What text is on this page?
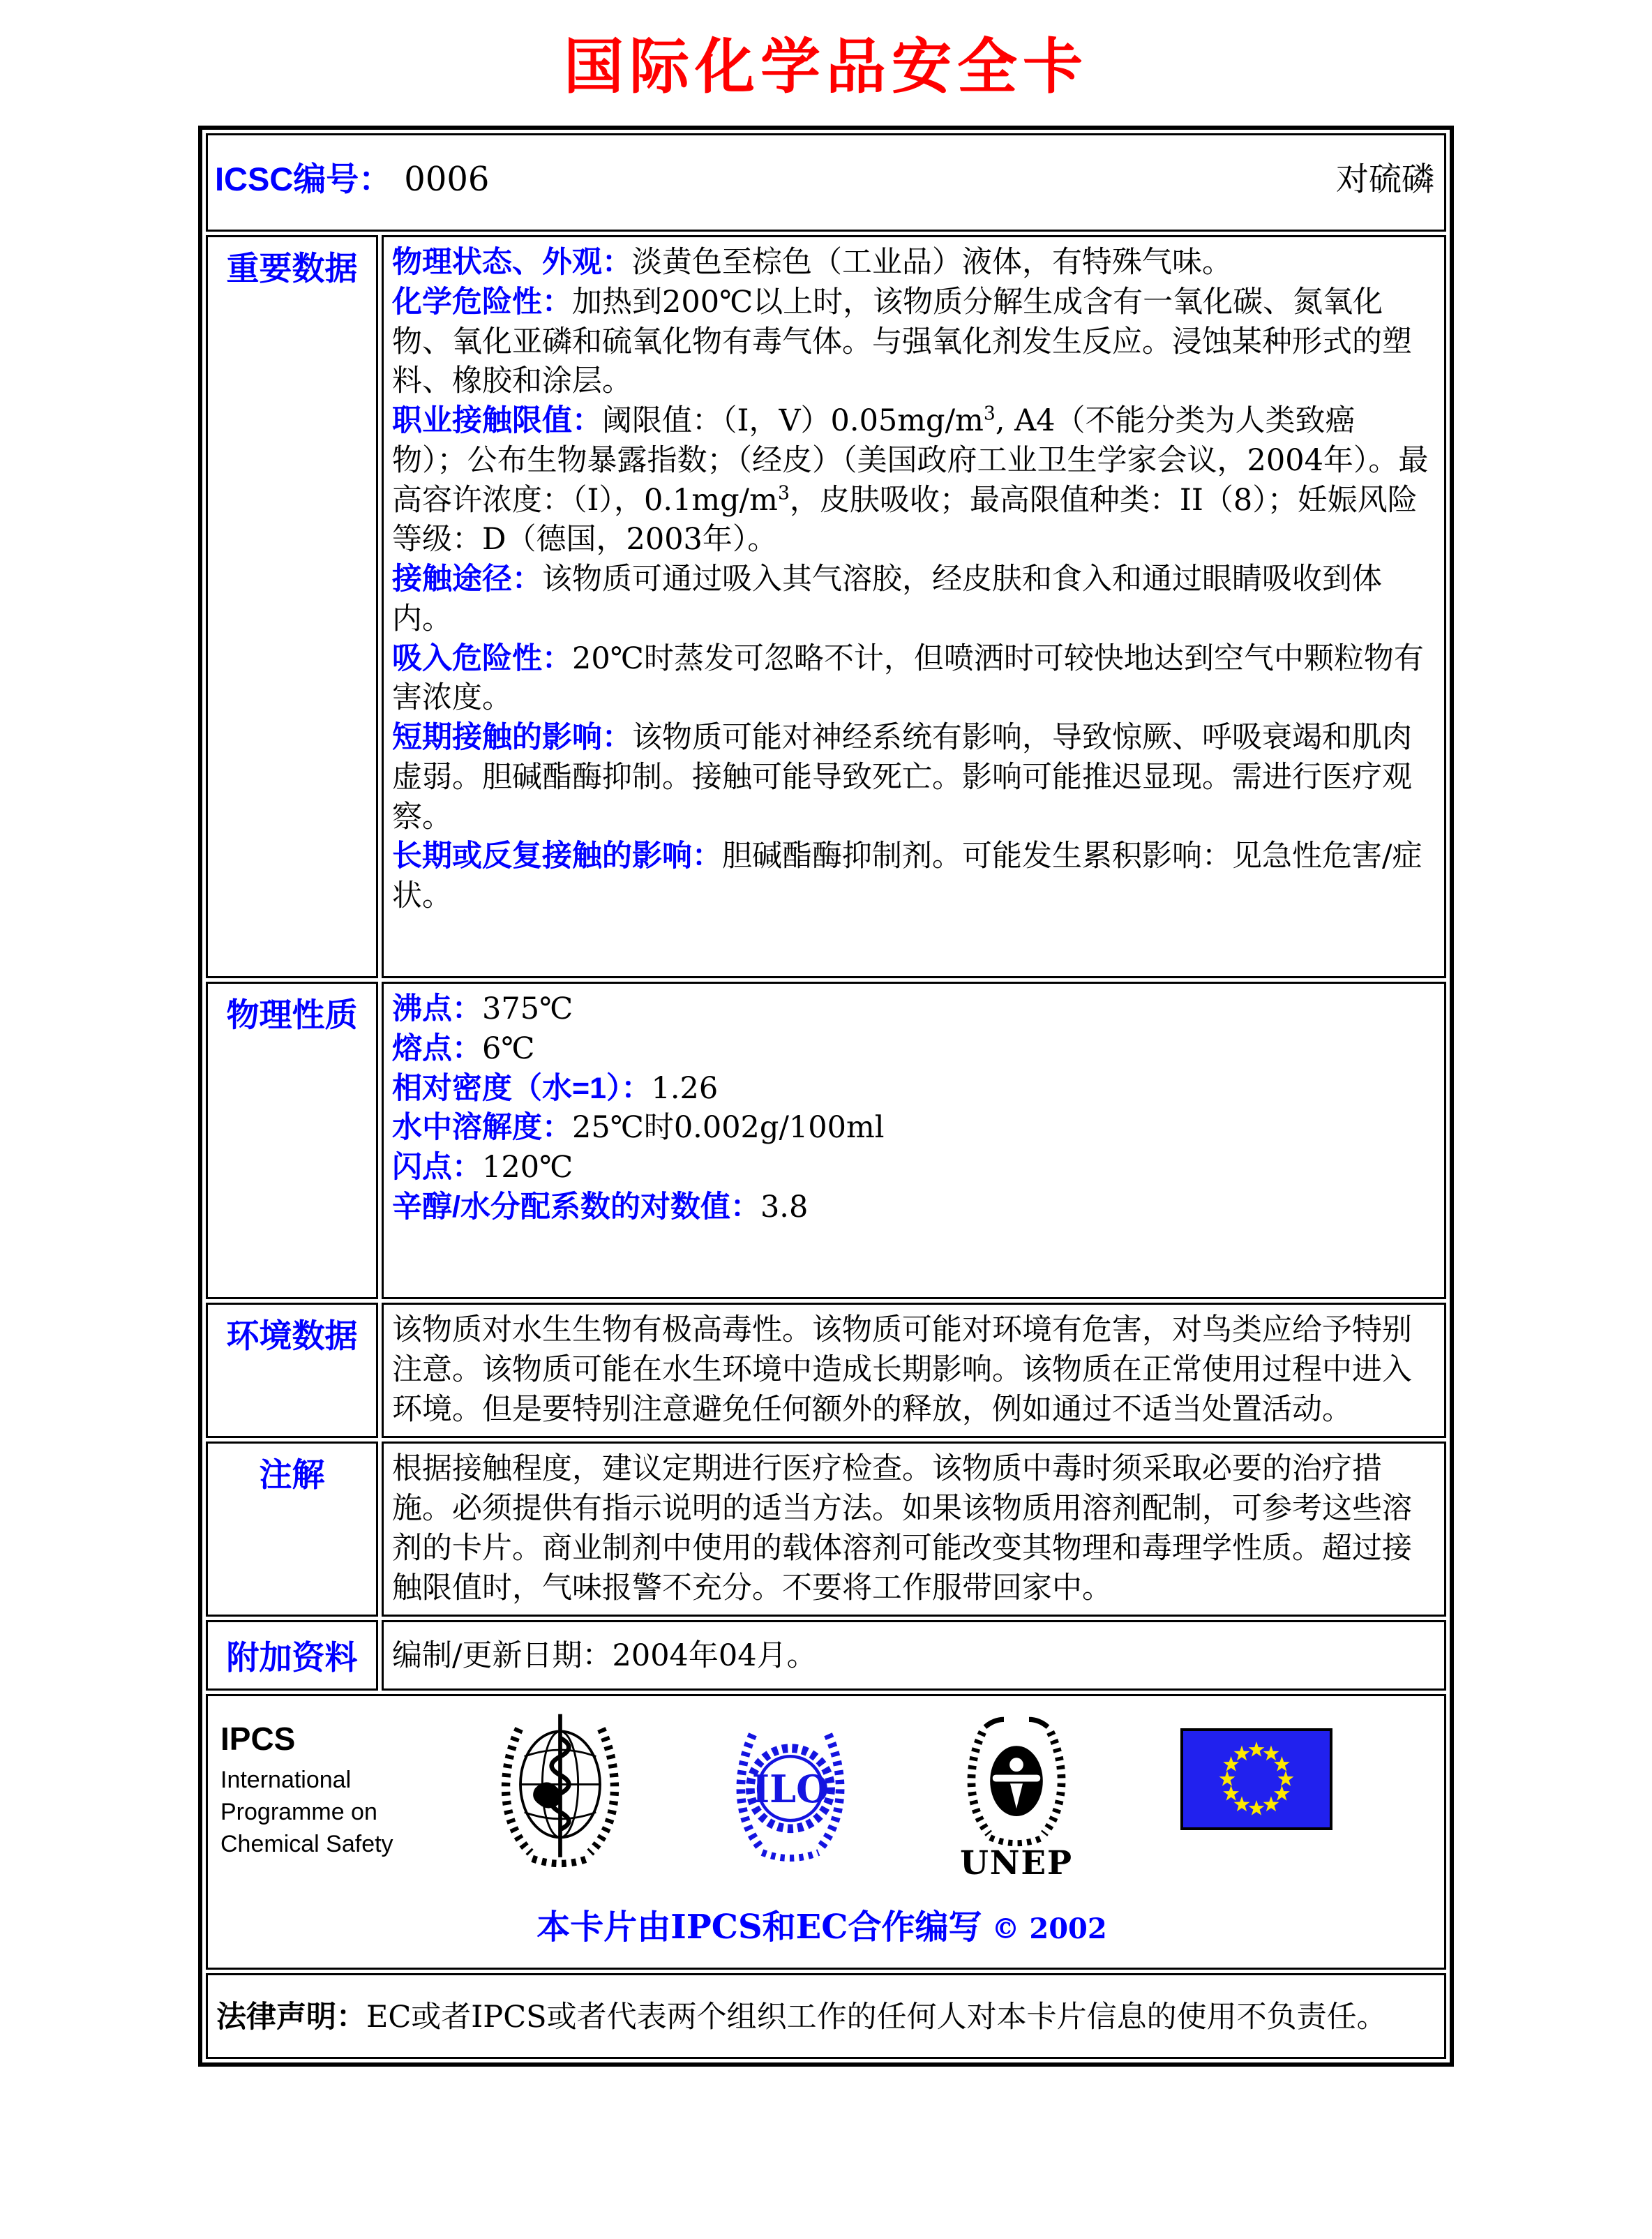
国际化学品安全卡
ICSC编号： 0006 对硫磷	

重要数据	物理状态、外观：淡黄色至棕色（工业品）液体，有特殊气味。

化学危险性：加热到200℃以上时，该物质分解生成含有一氧化碳、氮氧化物、氧化亚磷和硫氧化物有毒气体。与强氧化剂发生反应。浸蚀某种形式的塑料、橡胶和涂层。

职业接触限值：阈限值：（I，$V)0.05mg/m^3$, A4（不能分类为人类致癌物）；公布生物暴露指数；（经皮）（美国政府工业卫生学家会议，2004年）。最高容许浓度：（I），$0.1mg/m^3$，皮肤吸收；最高限值种类：II（8）；妊娠风险等级：D（德国，2003年）。

接触途径：该物质可通过吸入其气溶胶，经皮肤和食入和通过眼睛吸收到体内。

吸入危险性：20℃时蒸发可忽略不计，但喷洒时可较快地达到空气中颗粒物有害浓度。

短期接触的影响：该物质可能对神经系统有影响，导致惊厥、呼吸衰竭和肌肉虚弱。胆碱酯酶抑制。接触可能导致死亡。影响可能推迟显现。需进行医疗观察。

长期或反复接触的影响：胆碱酯酶抑制剂。可能发生累积影响：见急性危害/症状。

物理性质	沸点：375℃

熔点：6℃

相对密度（水=1）：1.26

水中溶解度：25℃时0.002g/100ml

闪点：120℃

辛醇/水分配系数的对数值：3.8

环境数据	该物质对水生生物有极高毒性。该物质可能对环境有危害，对鸟类应给予特别注意。该物质可能在水生环境中造成长期影响。该物质在正常使用过程中进入环境。但是要特别注意避免任何额外的释放，例如通过不适当处置活动。

注解	根据接触程度，建议定期进行医疗检查。该物质中毒时须采取必要的治疗措施。必须提供有指示说明的适当方法。如果该物质用溶剂配制，可参考这些溶剂的卡片。商业制剂中使用的载体溶剂可能改变其物理和毒理学性质。超过接触限值时，气味报警不充分。不要将工作服带回家中。

附加资料	编制/更新日期：2004年04月。

IPCS
International
Programme on
Chemical Safety
ILO
UNEP
本卡片由IPCS和EC合作编写 © 2002

法律声明：EC或者IPCS或者代表两个组织工作的任何人对本卡片信息的使用不负责任。	
